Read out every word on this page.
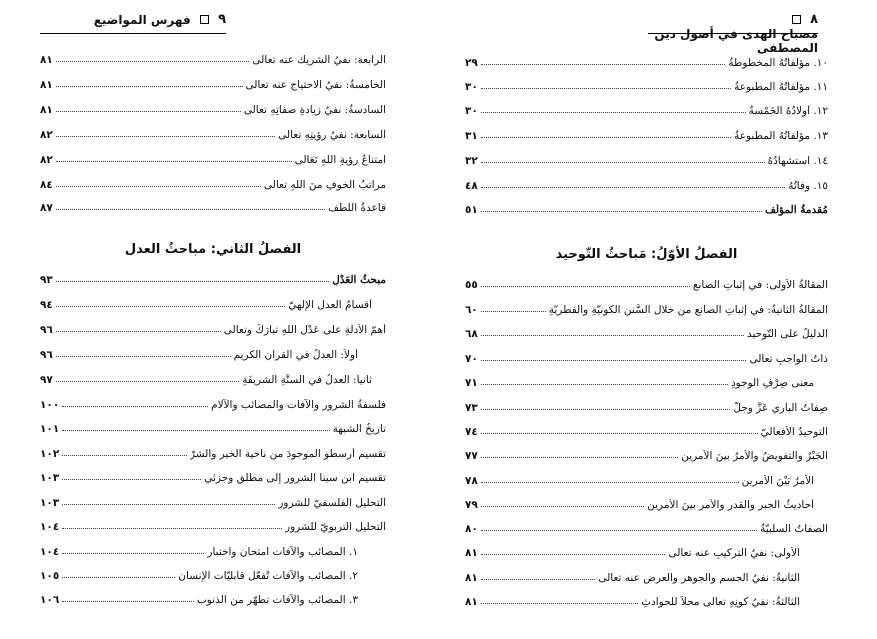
٩  فهرس المواضيع
الرابعة: نفيُ الشريك عنه تعالى
٨١
الخامسةُ: نفيُ الاحتياج عنه تعالى
٨١
السادسةُ: نفيُ زيادةِ صفاتِهِ تعالى
٨١
السابعة: نفيُ رؤيتِهِ تعالى
٨٢
امتناعُ رؤيةِ اللهِ تَعَالى
٨٢
مراتبُ الخوفِ منَ اللهِ تعالى
٨٤
قاعدةُ اللُّطف
٨٧
الفصلُ الثاني: مباحثُ العدل
مبحثُ العَدْلِ
٩٣
أقسامُ العدلِ الإلهيّ
٩٤
أهمّ الأدلّةِ على عَدْلِ اللّهِ تبارَكَ وتعالى
٩٦
أولاً: العدلُ في القرآنِ الكريم
٩٦
ثانياً: العدلُ في السنَّةِ الشريفَةِ
٩٧
فلسفةُ الشرور والآفات والمصائب والآلام
١٠٠
تاريخُ الشبهة
١٠١
تقسيم أرسطو الموجودَ من ناحية الخير والشرّ
١٠٢
تقسيم ابن سينا الشرور إلى مطلق وجزئي
١٠٣
التحليل الفلسفيّ للشرور
١٠٣
التحليل التربويّ للشرور
١٠٤
١. المصائب والآفات امتحان واختبار
١٠٤
٢. المصائب والآفات تُفعّل قابليّات الإنسان
١٠٥
٣. المصائب والآفات تطهّر من الذنوب
١٠٦
٨  مصباح الهدى في أصول دين المصطفى
١٠. مؤلّفاتُهُ المخطوطةُ
٢٩
١١. مؤلّفاتُهُ المطبوعةُ
٣٠
١٢. أولادُهُ الخَمْسةُ
٣٠
١٣. مؤلّفاتُهُ المطبوعةُ
٣١
١٤. استشهادُهُ
٣٢
١٥. وفاتُهُ
٤٨
مُقدمةُ المؤلِّف
٥١
الفصلُ الأوّلُ: مَباحثُ التّوحيد
المقالةُ الأُولى: في إثباتِ الصانعِ
٥٥
المقالةُ الثانيةُ: في إثباتِ الصانع من خلال السُّنن الكونيّةِ والفطريّةِ
٦٠
الدليلُ على التّوحيد
٦٨
ذاتُ الواجبِ تعالى
٧٠
معنى صِرْفِ الوجودِ
٧١
صِفاتُ الباري عَزَّ وجلَّ
٧٣
التوحيدُ الأفعاليّ
٧٤
الجَبْرُ والتفويضُ والأمرُ بينَ الأمرين
٧٧
الأمرُ بَيْنَ الأمرين
٧٨
أحاديثُ الجبر والقدر والأمر بينَ الأمرين
٧٩
الصفاتُ السلبيّةُ
٨٠
الأُولى: نفيُ التركيبِ عنه تعالى
٨١
الثانيةُ: نفيُ الجسمِ والجوهرِ والعرض عنه تعالى
٨١
الثالثةُ: نفيُ كونِهِ تعالى محلّاً للحوادثِ
٨١
